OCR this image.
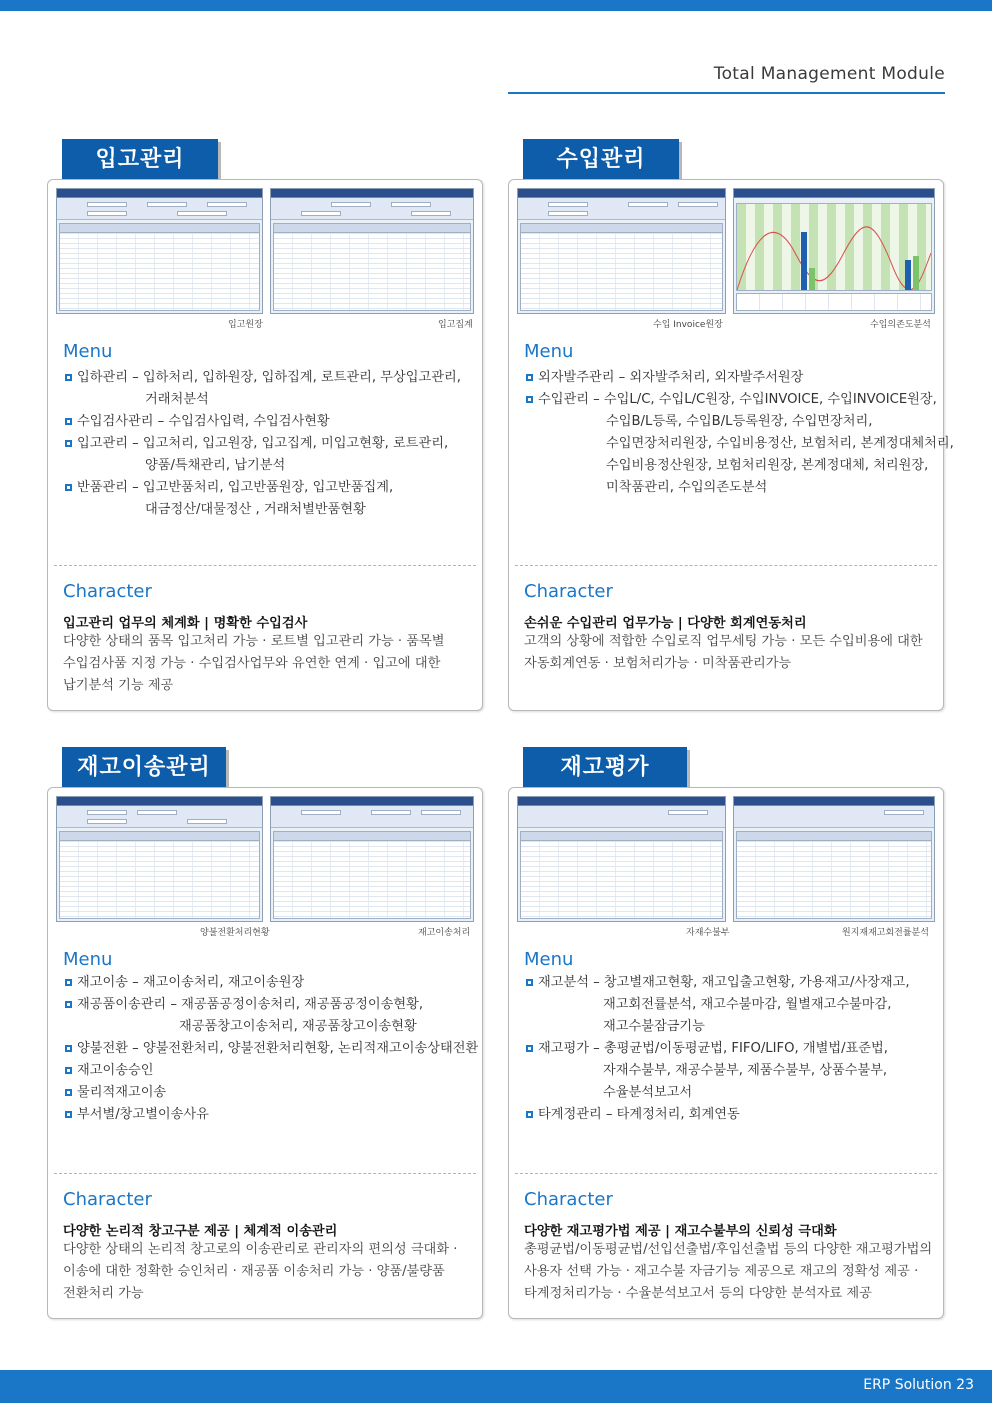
Total Management Module
입고관리
입고원장	입고집계
Menu
입하관리 – 입하처리, 입하원장, 입하집계, 로트관리, 무상입고관리,
거래처분석
수입검사관리 – 수입검사입력, 수입검사현황
입고관리 – 입고처리, 입고원장, 입고집계, 미입고현황, 로트관리,
양품/특채관리, 납기분석
반품관리 – 입고반품처리, 입고반품원장, 입고반품집계,
대금정산/대물정산 , 거래처별반품현황
Character
입고관리 업무의 체계화 | 명확한 수입검사
다양한 상태의 품목 입고처리 가능 · 로트별 입고관리 가능 · 품목별
수입검사품 지정 가능 · 수입검사업무와 유연한 연계 · 입고에 대한
납기분석 기능 제공
수입관리
수입 Invoice원장	수입의존도분석
Menu
외자발주관리 – 외자발주처리, 외자발주서원장
수입관리 – 수입L/C, 수입L/C원장, 수입INVOICE, 수입INVOICE원장,
수입B/L등록, 수입B/L등록원장, 수입면장처리,
수입면장처리원장, 수입비용정산, 보험처리, 본계정대체처리,
수입비용정산원장, 보험처리원장, 본계정대체, 처리원장,
미착품관리, 수입의존도분석
Character
손쉬운 수입관리 업무가능 | 다양한 회계연동처리
고객의 상황에 적합한 수입로직 업무세팅 가능 · 모든 수입비용에 대한
자동회계연동 · 보험처리가능 · 미착품관리가능
재고이송관리
양불전환처리현황	재고이송처리
Menu
재고이송 – 재고이송처리, 재고이송원장
재공품이송관리 – 재공품공정이송처리, 재공품공정이송현황,
재공품창고이송처리, 재공품창고이송현황
양불전환 – 양불전환처리, 양불전환처리현황, 논리적재고이송상태전환
재고이송승인
물리적재고이송
부서별/창고별이송사유
Character
다양한 논리적 창고구분 제공 | 체계적 이송관리
다양한 상태의 논리적 창고로의 이송관리로 관리자의 편의성 극대화 ·
이송에 대한 정확한 승인처리 · 재공품 이송처리 가능 · 양품/불량품
전환처리 가능
재고평가
자재수불부	원지재재고회전률분석
Menu
재고분석 – 창고별재고현황, 재고입출고현황, 가용재고/사장재고,
재고회전률분석, 재고수불마감, 월별재고수불마감,
재고수불잠금기능
재고평가 – 총평균법/이동평균법, FIFO/LIFO, 개별법/표준법,
자재수불부, 재공수불부, 제품수불부, 상품수불부,
수율분석보고서
타계정관리 – 타계정처리, 회계연동
Character
다양한 재고평가법 제공 | 재고수불부의 신뢰성 극대화
총평균법/이동평균법/선입선출법/후입선출법 등의 다양한 재고평가법의
사용자 선택 가능 · 재고수불 자금기능 제공으로 재고의 정확성 제공 ·
타계정처리가능 · 수율분석보고서 등의 다양한 분석자료 제공
ERP Solution 23
